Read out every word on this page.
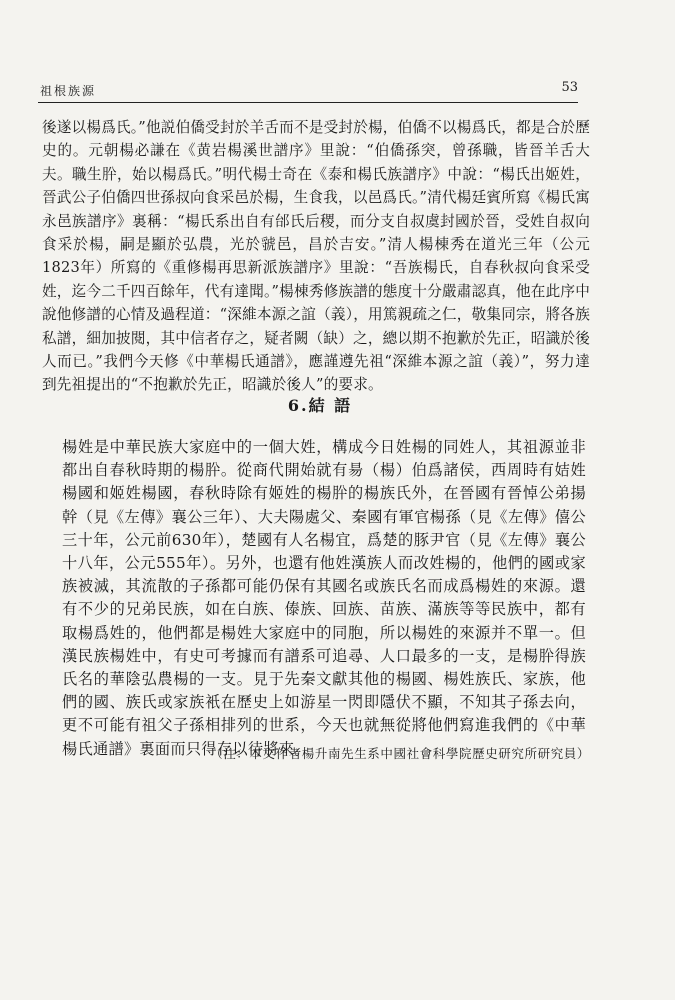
祖根族源	53

後遂以楊爲氏。”他説伯僑受封於羊舌而不是受封於楊，伯僑不以楊爲氏，都是合於歷史的。元朝楊必謙在《黄岩楊溪世譜序》里說：“伯僑孫突，曾孫職，皆晉羊舌大夫。職生肸，始以楊爲氏。”明代楊士奇在《泰和楊氏族譜序》中說：“楊氏出姬姓，晉武公子伯僑四世孫叔向食采邑於楊，生食我，以邑爲氏。”清代楊廷賓所寫《楊氏寓永邑族譜序》裏稱：“楊氏系出自有邰氏后稷，而分支自叔虞封國於晉，受姓自叔向食采於楊，嗣是顯於弘農，光於虢邑，昌於吉安。”清人楊棟秀在道光三年（公元1823年）所寫的《重修楊再思新派族譜序》里說：“吾族楊氏，自春秋叔向食采受姓，迄今二千四百餘年，代有達聞。”楊棟秀修族譜的態度十分嚴肅認真，他在此序中說他修譜的心情及過程道：“深維本源之誼（義），用篤親疏之仁，敬集同宗，將各族私譜，細加披閱，其中信者存之，疑者闕（缺）之，總以期不抱歉於先正，昭識於後人而已。”我們今天修《中華楊氏通譜》，應謹遵先祖“深維本源之誼（義）”，努力達到先祖提出的“不抱歉於先正，昭識於後人”的要求。

6.結 語

楊姓是中華民族大家庭中的一個大姓，構成今日姓楊的同姓人，其祖源並非都出自春秋時期的楊肸。從商代開始就有昜（楊）伯爲諸侯，西周時有姞姓楊國和姬姓楊國，春秋時除有姬姓的楊肸的楊族氏外，在晉國有晉悼公弟揚幹（見《左傳》襄公三年）、大夫陽處父、秦國有軍官楊孫（見《左傳》僖公三十年，公元前630年），楚國有人名楊宜，爲楚的豚尹官（見《左傳》襄公十八年，公元555年）。另外，也還有他姓漢族人而改姓楊的，他們的國或家族被滅，其流散的子孫都可能仍保有其國名或族氏名而成爲楊姓的來源。還有不少的兄弟民族，如在白族、傣族、回族、苗族、滿族等等民族中，都有取楊爲姓的，他們都是楊姓大家庭中的同胞，所以楊姓的來源并不單一。但漢民族楊姓中，有史可考據而有譜系可追尋、人口最多的一支，是楊肸得族氏名的華陰弘農楊的一支。見于先秦文獻其他的楊國、楊姓族氏、家族，他們的國、族氏或家族衹在歷史上如游星一閃即隱伏不顯，不知其子孫去向，更不可能有祖父子孫相排列的世系，今天也就無從將他們寫進我們的《中華楊氏通譜》裏面而只得存以待將來。

（注：本文作者楊升南先生系中國社會科學院歷史研究所研究員）
